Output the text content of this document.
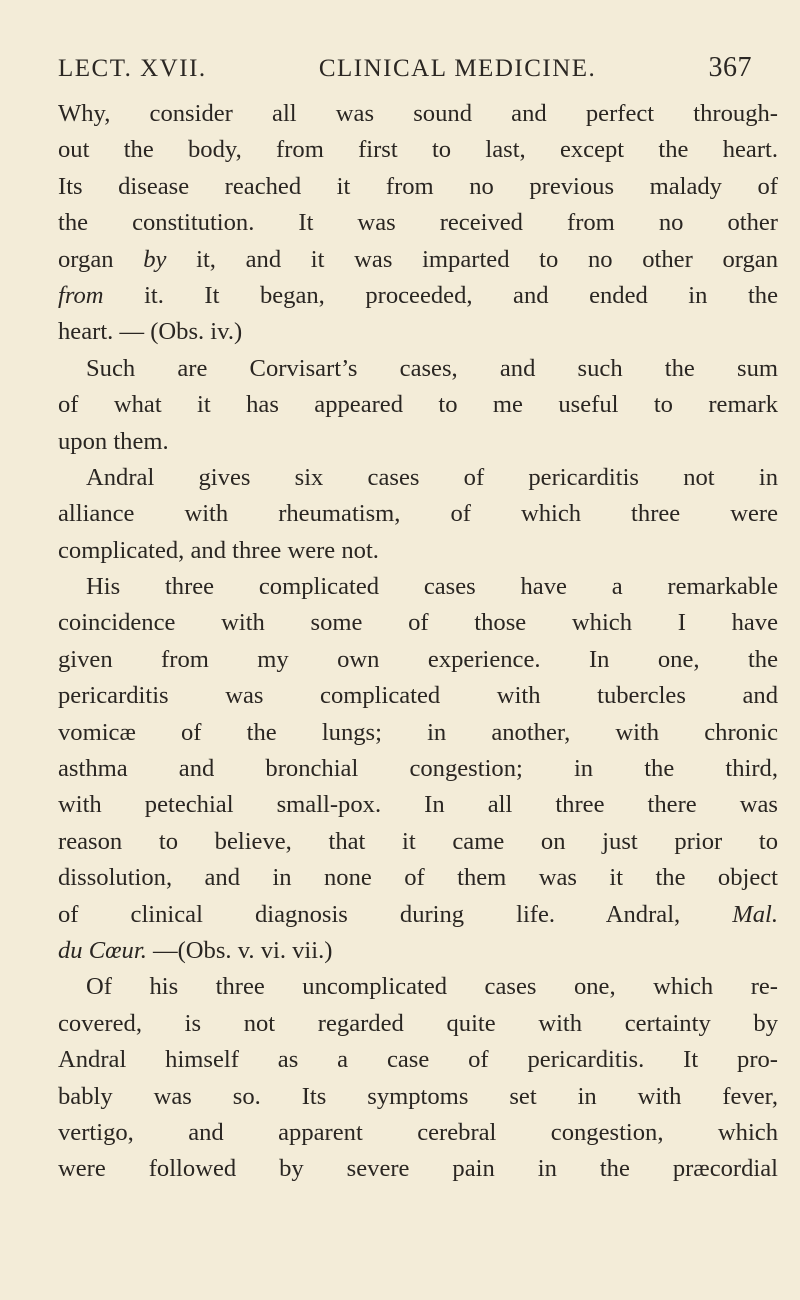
LECT. XVII.	CLINICAL MEDICINE.	367
Why, consider all was sound and perfect through-
out the body, from first to last, except the heart.
Its disease reached it from no previous malady of
the constitution. It was received from no other
organ by it, and it was imparted to no other organ
from it. It began, proceeded, and ended in the
heart. — (Obs. iv.)
Such are Corvisart’s cases, and such the sum
of what it has appeared to me useful to remark
upon them.
Andral gives six cases of pericarditis not in
alliance with rheumatism, of which three were
complicated, and three were not.
His three complicated cases have a remarkable
coincidence with some of those which I have
given from my own experience. In one, the
pericarditis was complicated with tubercles and
vomicæ of the lungs; in another, with chronic
asthma and bronchial congestion; in the third,
with petechial small-pox. In all three there was
reason to believe, that it came on just prior to
dissolution, and in none of them was it the object
of clinical diagnosis during life. Andral, Mal.
du Cœur. —(Obs. v. vi. vii.)
Of his three uncomplicated cases one, which re-
covered, is not regarded quite with certainty by
Andral himself as a case of pericarditis. It pro-
bably was so. Its symptoms set in with fever,
vertigo, and apparent cerebral congestion, which
were followed by severe pain in the præcordial
